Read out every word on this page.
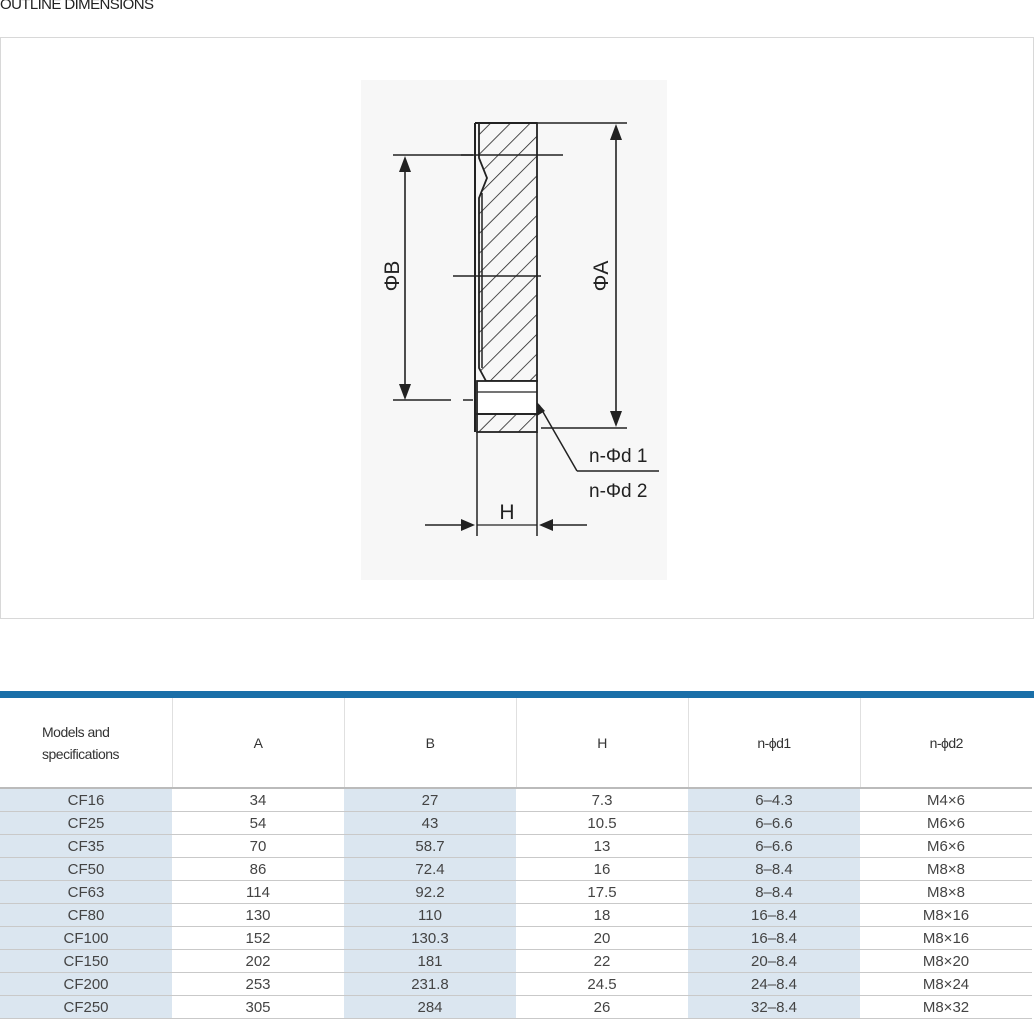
OUTLINE DIMENSIONS
ΦB	ΦA
n-Φd 1
n-Φd 2
H
Models and
specifications	A	B	H	n-ϕd1	n-ϕd2
CF16	34	27	7.3	6–4.3	M4×6
CF25	54	43	10.5	6–6.6	M6×6
CF35	70	58.7	13	6–6.6	M6×6
CF50	86	72.4	16	8–8.4	M8×8
CF63	114	92.2	17.5	8–8.4	M8×8
CF80	130	110	18	16–8.4	M8×16
CF100	152	130.3	20	16–8.4	M8×16
CF150	202	181	22	20–8.4	M8×20
CF200	253	231.8	24.5	24–8.4	M8×24
CF250	305	284	26	32–8.4	M8×32
